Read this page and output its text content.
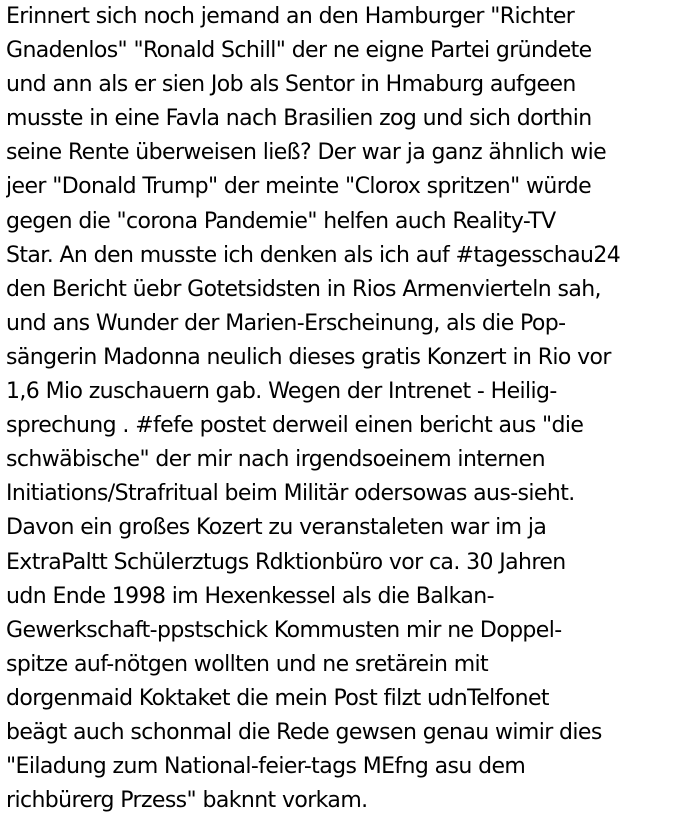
Erinnert sich noch jemand an den Hamburger "Richter
Gnadenlos" "Ronald Schill" der ne eigne Partei gründete
und ann als er sien Job als Sentor in Hmaburg aufgeen
musste in eine Favla nach Brasilien zog und sich dorthin
seine Rente überweisen ließ? Der war ja ganz ähnlich wie
jeer "Donald Trump" der meinte "Clorox spritzen" würde
gegen die "corona Pandemie" helfen auch Reality-TV
Star. An den musste ich denken als ich auf #tagesschau24
den Bericht üebr Gotetsidsten in Rios Armenvierteln sah,
und ans Wunder der Marien-Erscheinung, als die Pop-
sängerin Madonna neulich dieses gratis Konzert in Rio vor
1,6 Mio zuschauern gab. Wegen der Intrenet - Heilig-
sprechung . #fefe postet derweil einen bericht aus "die
schwäbische" der mir nach irgendsoeinem internen
Initiations/Strafritual beim Militär odersowas aus-sieht.
Davon ein großes Kozert zu veranstaleten war im ja
ExtraPaltt Schülerztugs Rdktionbüro vor ca. 30 Jahren
udn Ende 1998 im Hexenkessel als die Balkan-
Gewerkschaft-ppstschick Kommusten mir ne Doppel-
spitze auf-nötgen wollten und ne sretärein mit
dorgenmaid Koktaket die mein Post filzt udnTelfonet
beägt auch schonmal die Rede gewsen genau wimir dies
"Eiladung zum National-feier-tags MEfng asu dem
richbürerg Przess" baknnt vorkam.
